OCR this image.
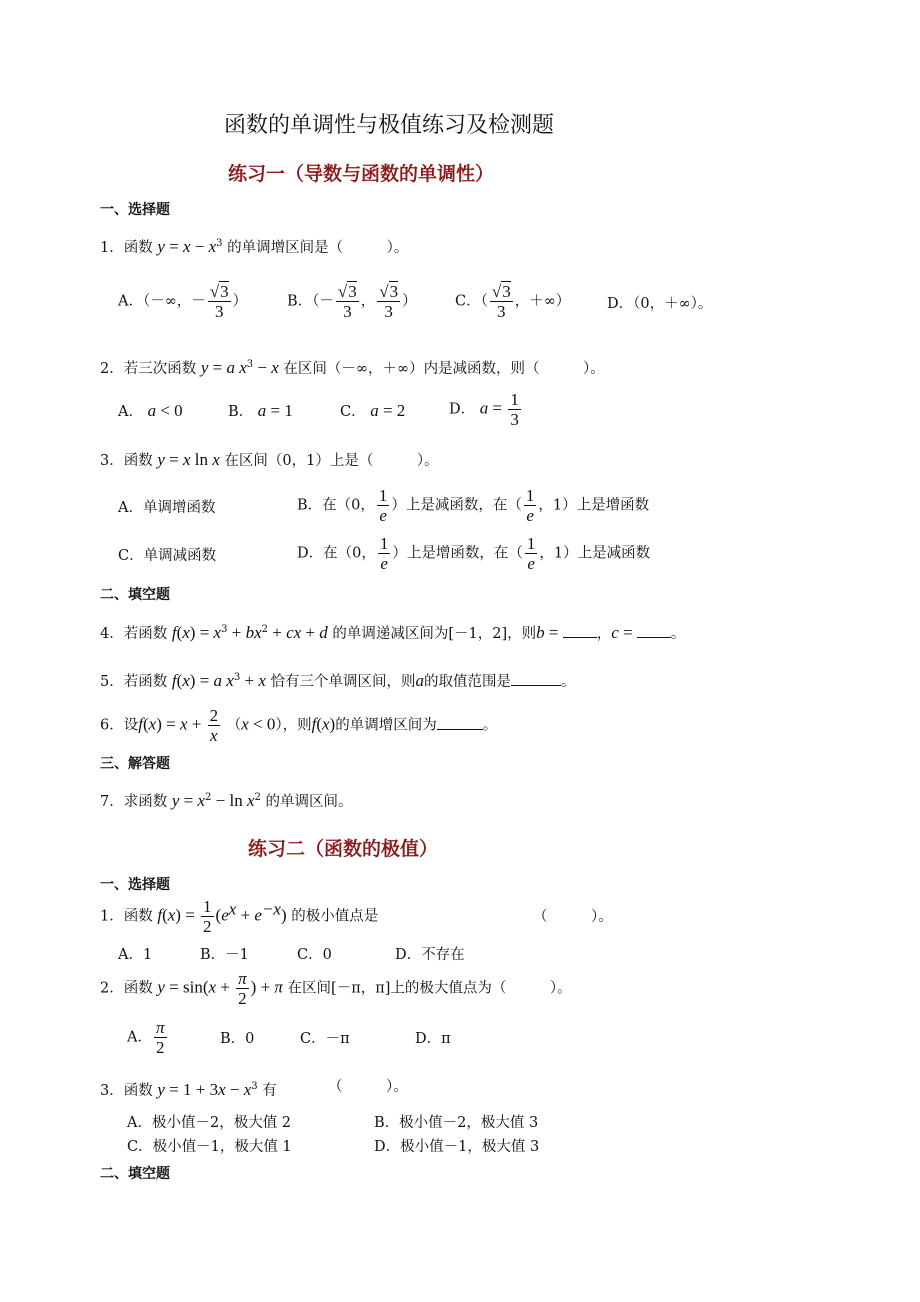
函数的单调性与极值练习及检测题
练习一（导数与函数的单调性）
一、选择题
1．函数 $y = x - x^3$ 的单调增区间是（　　　）。
A．（－∞，－ $\frac{√3}{3}$ ）	B．（－ $\frac{√3}{3}$ ， $\frac{√3}{3}$ ）	C．（ $\frac{√3}{3}$ ，＋∞）	D．（0，＋∞）。
2．若三次函数 y = a $x^3 - x$ 在区间（－∞，＋∞）内是减函数，则（　　　）。
A． a < 0	B． a = 1	C． a = 2	D． $a = \frac{1}{3}$
3．函数 y = x ln x 在区间（0，1）上是（　　　）。
A．单调增函数	B．在（0， $\frac{1}{e}$ ）上是减函数，在（ $\frac{1}{e}$ ，1）上是增函数
C．单调减函数	D．在（0， $\frac{1}{e}$ ）上是增函数，在（ $\frac{1}{e}$ ，1）上是减函数
二、填空题
4．若函数 $f(x) = x^3 + bx^2$ + cx + d 的单调递减区间为[－1，2]，则b = ，c = 。
5．若函数 f(x) = a $x^3 + x$ 恰有三个单调区间，则a的取值范围是	。
6．设$f(x) = x + \frac{2}{x} (x < 0)$，则f(x)的单调增区间为	。
三、解答题
7．求函数 $y = x^2 - \ln x^2$ 的单调区间。
练习二（函数的极值）
一、选择题
1．函数 $f(x) = \frac{1}{2} (e^x + e^{-x})$ 的极小值点是	（　　　）。
A．1	B．－1	C．0	D．不存在
2．函数 $y = \sin(x + \frac{\pi}{2}$ ) + π 在区间[－π，π]上的极大值点为（　　　）。
A． $\frac{\pi}{2}$	B．0	C．－π	D．π
3．函数 $y = 1 + 3x - x^3$ 有	（　　　）。
A．极小值－2，极大值 2	B．极小值－2，极大值 3
C．极小值－1，极大值 1	D．极小值－1，极大值 3
二、填空题
